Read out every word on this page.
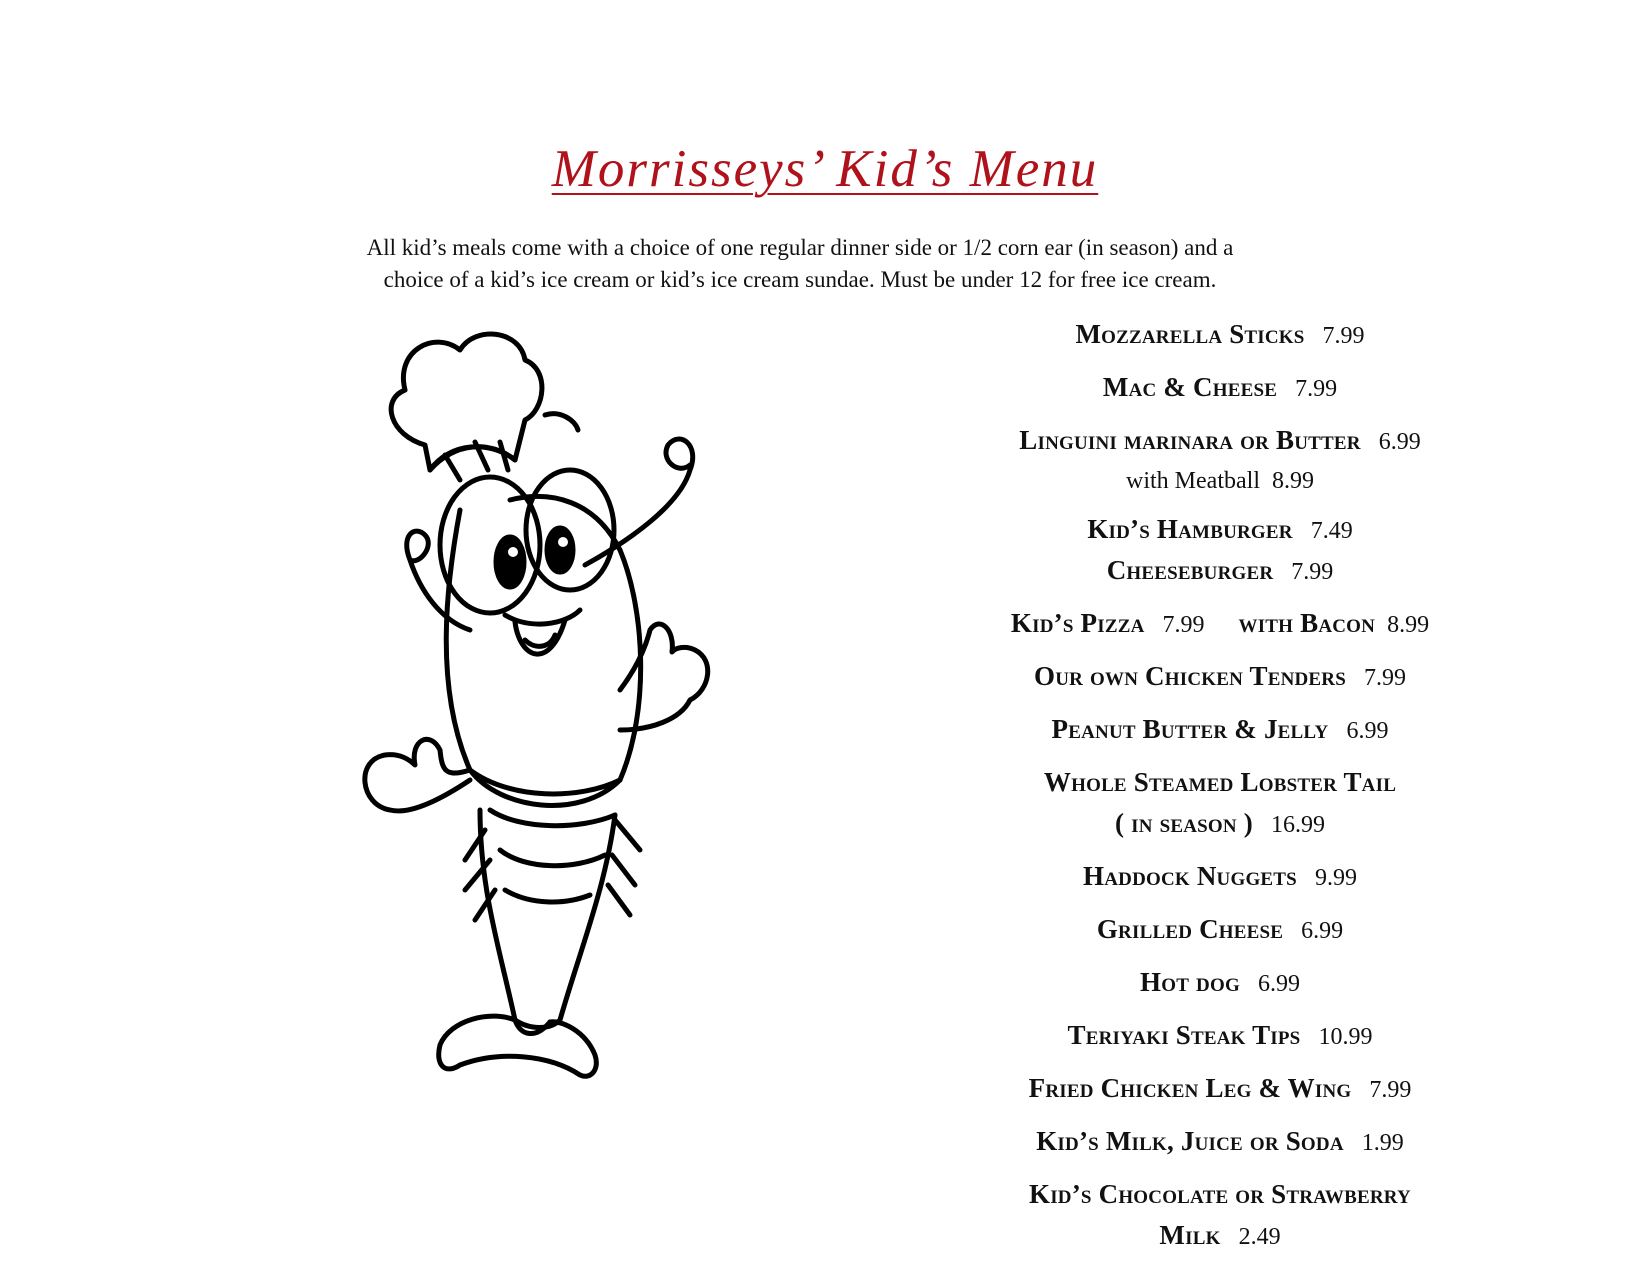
Morrisseys’ Kid’s Menu
All kid’s meals come with a choice of one regular dinner side or 1/2 corn ear (in season) and a
choice of a kid’s ice cream or kid’s ice cream sundae. Must be under 12 for free ice cream.
Mozzarella Sticks 7.99
Mac & Cheese 7.99
Linguini marinara or Butter 6.99
with Meatball 8.99
Kid’s Hamburger 7.49
Cheeseburger 7.99
Kid’s Pizza 7.99 with Bacon 8.99
Our own Chicken Tenders 7.99
Peanut Butter & Jelly 6.99
Whole Steamed Lobster Tail
( in season ) 16.99
Haddock Nuggets 9.99
Grilled Cheese 6.99
Hot dog 6.99
Teriyaki Steak Tips 10.99
Fried Chicken Leg & Wing 7.99
Kid’s Milk, Juice or Soda 1.99
Kid’s Chocolate or Strawberry
Milk 2.49
